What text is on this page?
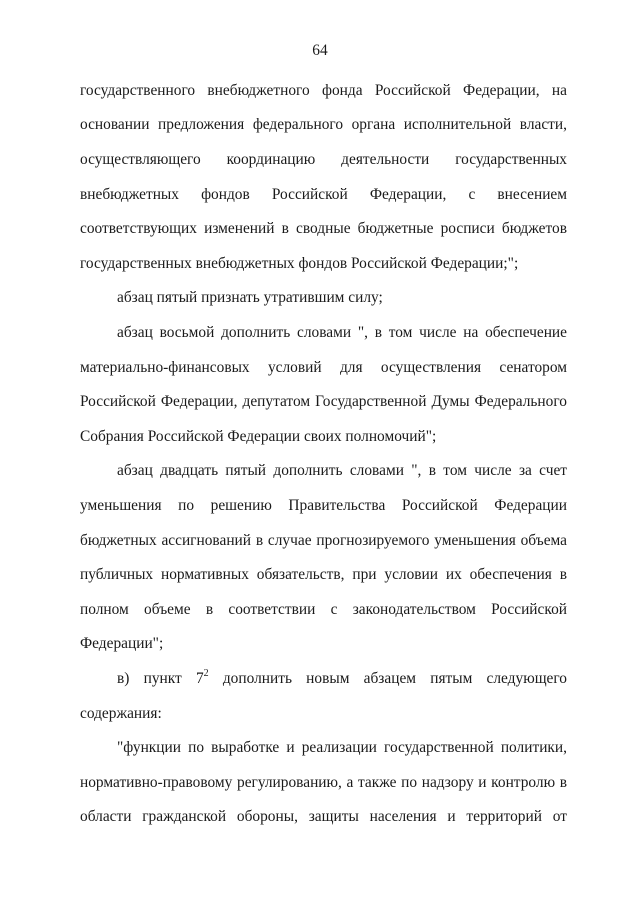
64
государственного внебюджетного фонда Российской Федерации, на
основании предложения федерального органа исполнительной власти,
осуществляющего координацию деятельности государственных
внебюджетных фондов Российской Федерации, с внесением
соответствующих изменений в сводные бюджетные росписи бюджетов
государственных внебюджетных фондов Российской Федерации;";
абзац пятый признать утратившим силу;
абзац восьмой дополнить словами ", в том числе на обеспечение
материально-финансовых условий для осуществления сенатором
Российской Федерации, депутатом Государственной Думы Федерального
Собрания Российской Федерации своих полномочий";
абзац двадцать пятый дополнить словами ", в том числе за счет
уменьшения по решению Правительства Российской Федерации
бюджетных ассигнований в случае прогнозируемого уменьшения объема
публичных нормативных обязательств, при условии их обеспечения в
полном объеме в соответствии с законодательством Российской
Федерации";
в) пункт $7^2$ дополнить новым абзацем пятым следующего
содержания:
"функции по выработке и реализации государственной политики,
нормативно-правовому регулированию, а также по надзору и контролю в
области гражданской обороны, защиты населения и территорий от
